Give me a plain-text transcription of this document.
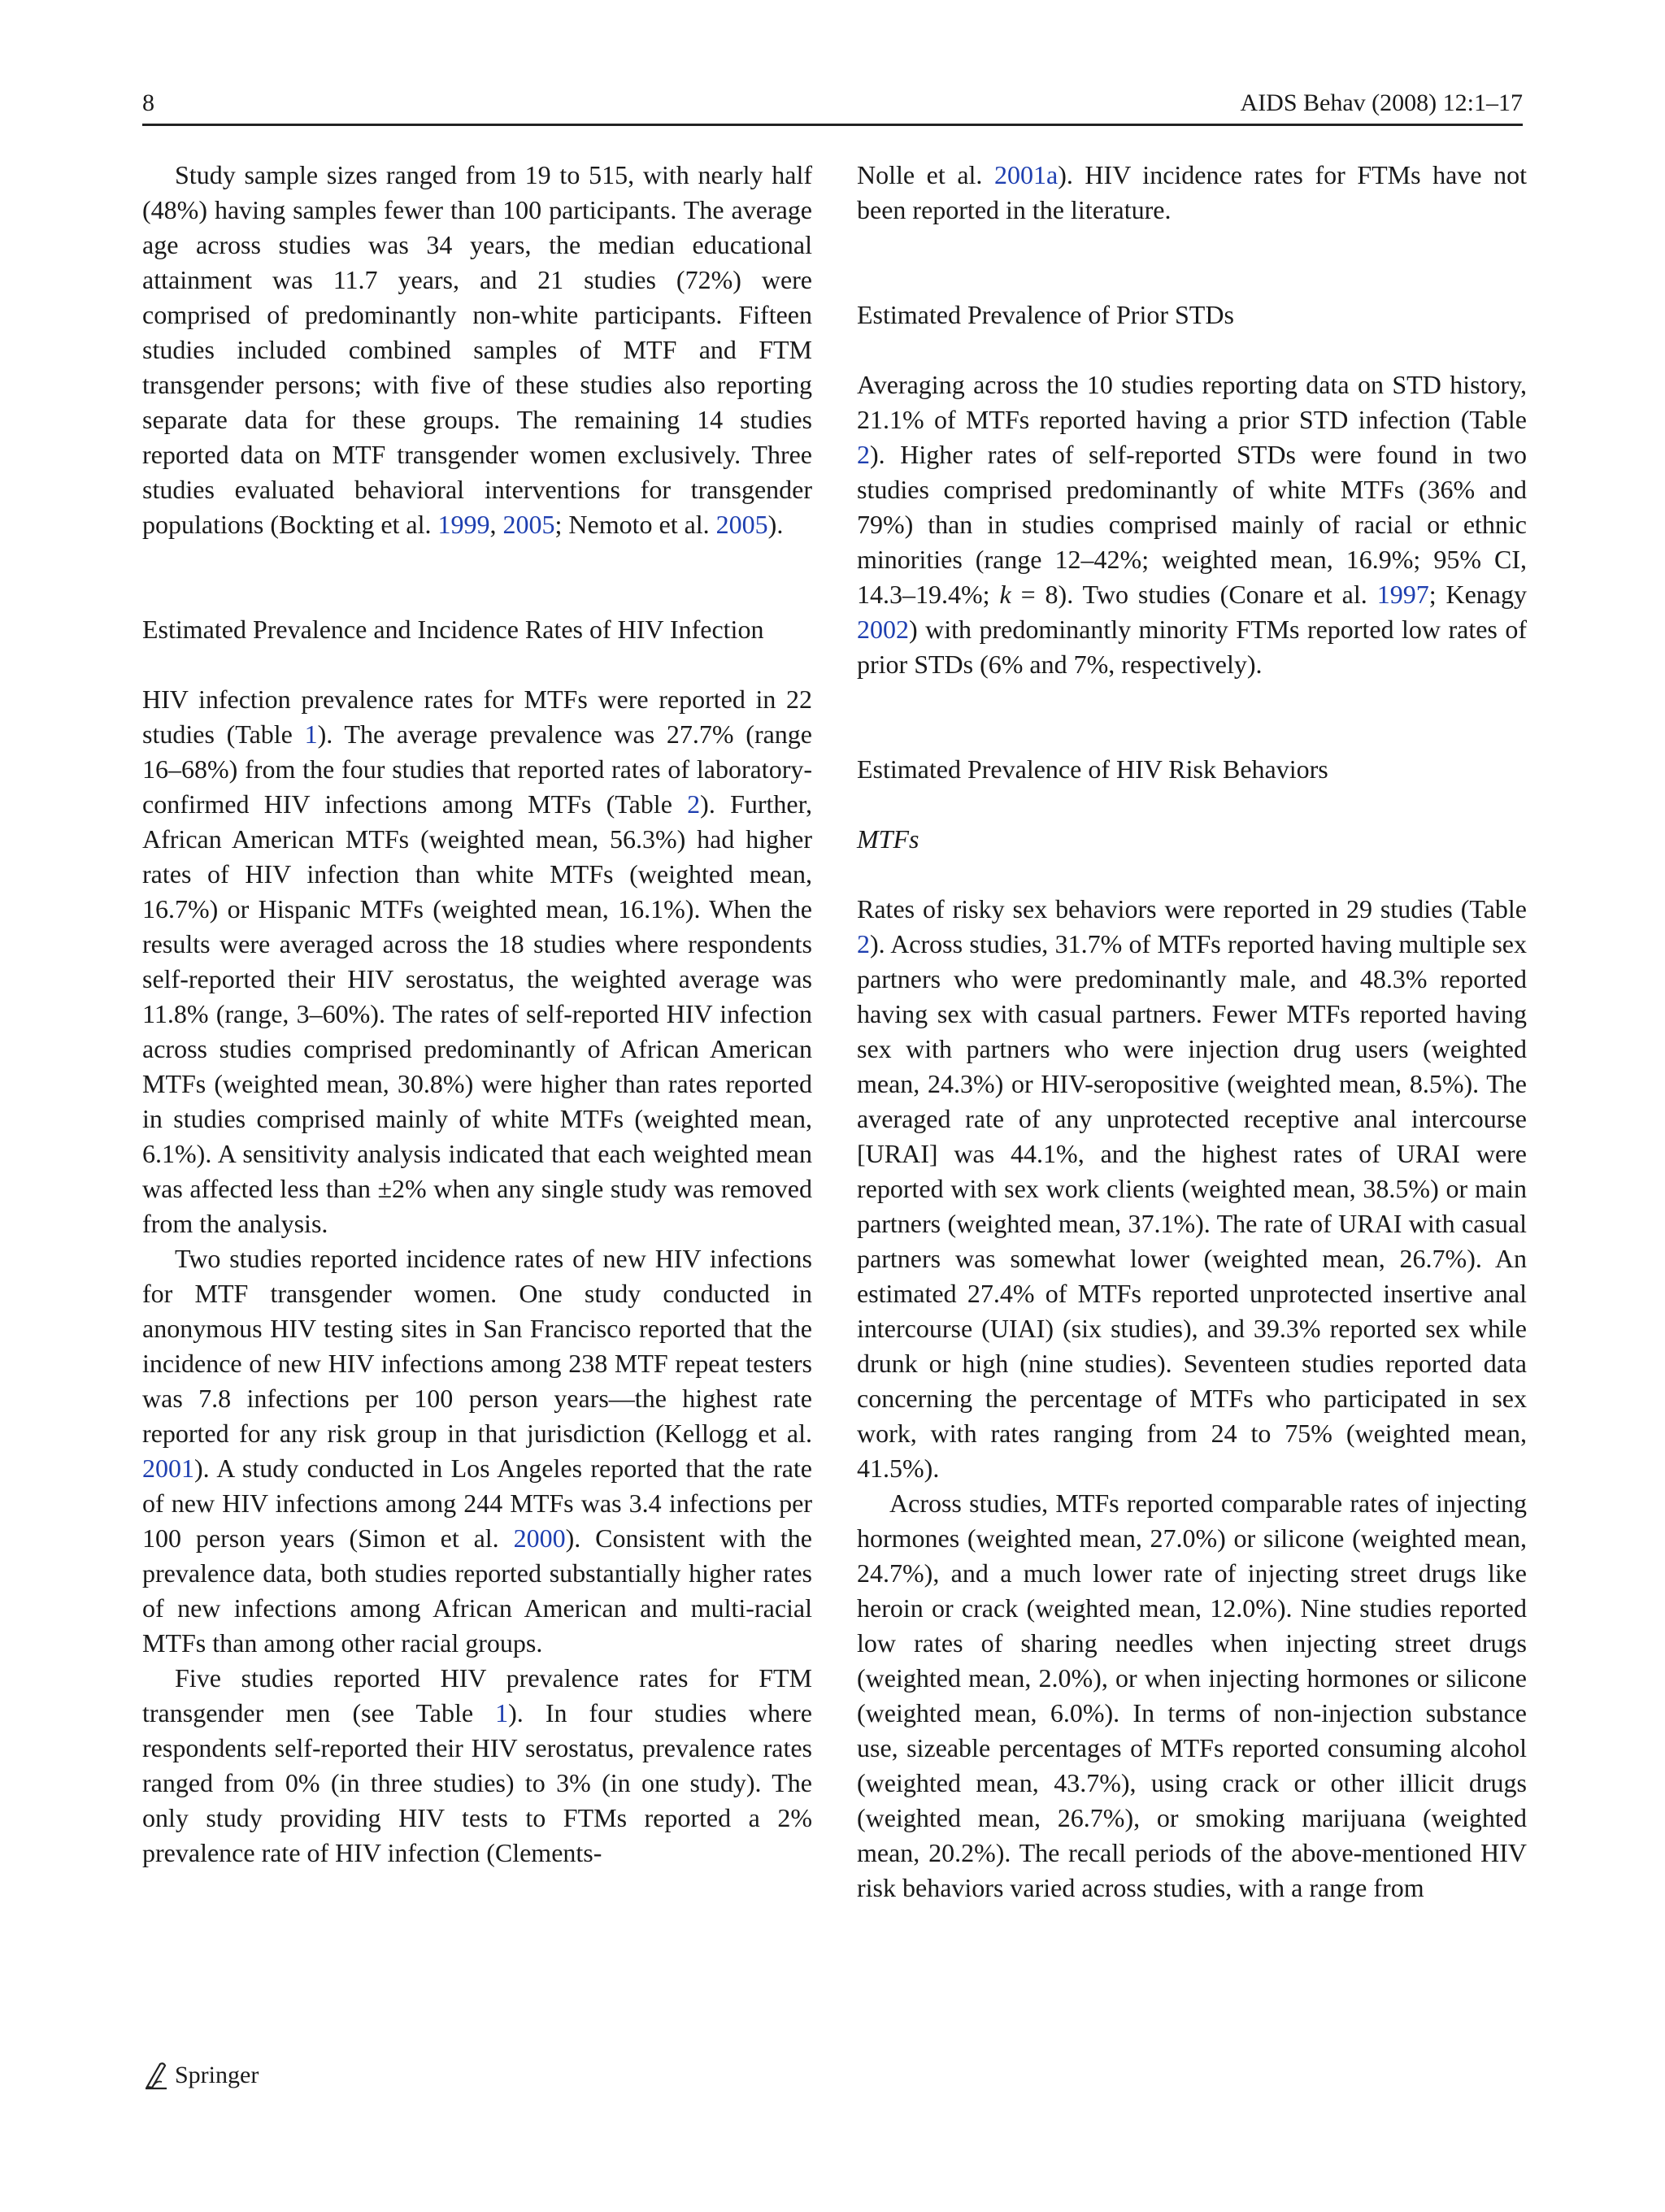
8	AIDS Behav (2008) 12:1–17

Study sample sizes ranged from 19 to 515, with nearly half (48%) having samples fewer than 100 participants. The average age across studies was 34 years, the median educational attainment was 11.7 years, and 21 studies (72%) were comprised of predominantly non-white participants. Fifteen studies included combined samples of MTF and FTM transgender persons; with five of these studies also reporting separate data for these groups. The remaining 14 studies reported data on MTF transgender women exclusively. Three studies evaluated behavioral interventions for transgender populations (Bockting et al. 1999, 2005; Nemoto et al. 2005).

Estimated Prevalence and Incidence Rates of HIV Infection

HIV infection prevalence rates for MTFs were reported in 22 studies (Table 1). The average prevalence was 27.7% (range 16–68%) from the four studies that reported rates of laboratory-confirmed HIV infections among MTFs (Table 2). Further, African American MTFs (weighted mean, 56.3%) had higher rates of HIV infection than white MTFs (weighted mean, 16.7%) or Hispanic MTFs (weighted mean, 16.1%). When the results were averaged across the 18 studies where respondents self-reported their HIV serostatus, the weighted average was 11.8% (range, 3–60%). The rates of self-reported HIV infection across studies comprised predominantly of African American MTFs (weighted mean, 30.8%) were higher than rates reported in studies comprised mainly of white MTFs (weighted mean, 6.1%). A sensitivity analysis indicated that each weighted mean was affected less than ±2% when any single study was removed from the analysis.

Two studies reported incidence rates of new HIV infections for MTF transgender women. One study conducted in anonymous HIV testing sites in San Francisco reported that the incidence of new HIV infections among 238 MTF repeat testers was 7.8 infections per 100 person years—the highest rate reported for any risk group in that jurisdiction (Kellogg et al. 2001). A study conducted in Los Angeles reported that the rate of new HIV infections among 244 MTFs was 3.4 infections per 100 person years (Simon et al. 2000). Consistent with the prevalence data, both studies reported substantially higher rates of new infections among African American and multi-racial MTFs than among other racial groups.

Five studies reported HIV prevalence rates for FTM transgender men (see Table 1). In four studies where respondents self-reported their HIV serostatus, prevalence rates ranged from 0% (in three studies) to 3% (in one study). The only study providing HIV tests to FTMs reported a 2% prevalence rate of HIV infection (Clements-

Nolle et al. 2001a). HIV incidence rates for FTMs have not been reported in the literature.

Estimated Prevalence of Prior STDs

Averaging across the 10 studies reporting data on STD history, 21.1% of MTFs reported having a prior STD infection (Table 2). Higher rates of self-reported STDs were found in two studies comprised predominantly of white MTFs (36% and 79%) than in studies comprised mainly of racial or ethnic minorities (range 12–42%; weighted mean, 16.9%; 95% CI, 14.3–19.4%; k = 8). Two studies (Conare et al. 1997; Kenagy 2002) with predominantly minority FTMs reported low rates of prior STDs (6% and 7%, respectively).

Estimated Prevalence of HIV Risk Behaviors
MTFs

Rates of risky sex behaviors were reported in 29 studies (Table 2). Across studies, 31.7% of MTFs reported having multiple sex partners who were predominantly male, and 48.3% reported having sex with casual partners. Fewer MTFs reported having sex with partners who were injection drug users (weighted mean, 24.3%) or HIV-seropositive (weighted mean, 8.5%). The averaged rate of any unprotected receptive anal intercourse [URAI] was 44.1%, and the highest rates of URAI were reported with sex work clients (weighted mean, 38.5%) or main partners (weighted mean, 37.1%). The rate of URAI with casual partners was somewhat lower (weighted mean, 26.7%). An estimated 27.4% of MTFs reported unprotected insertive anal intercourse (UIAI) (six studies), and 39.3% reported sex while drunk or high (nine studies). Seventeen studies reported data concerning the percentage of MTFs who participated in sex work, with rates ranging from 24 to 75% (weighted mean, 41.5%).

Across studies, MTFs reported comparable rates of injecting hormones (weighted mean, 27.0%) or silicone (weighted mean, 24.7%), and a much lower rate of injecting street drugs like heroin or crack (weighted mean, 12.0%). Nine studies reported low rates of sharing needles when injecting street drugs (weighted mean, 2.0%), or when injecting hormones or silicone (weighted mean, 6.0%). In terms of non-injection substance use, sizeable percentages of MTFs reported consuming alcohol (weighted mean, 43.7%), using crack or other illicit drugs (weighted mean, 26.7%), or smoking marijuana (weighted mean, 20.2%). The recall periods of the above-mentioned HIV risk behaviors varied across studies, with a range from

Springer
